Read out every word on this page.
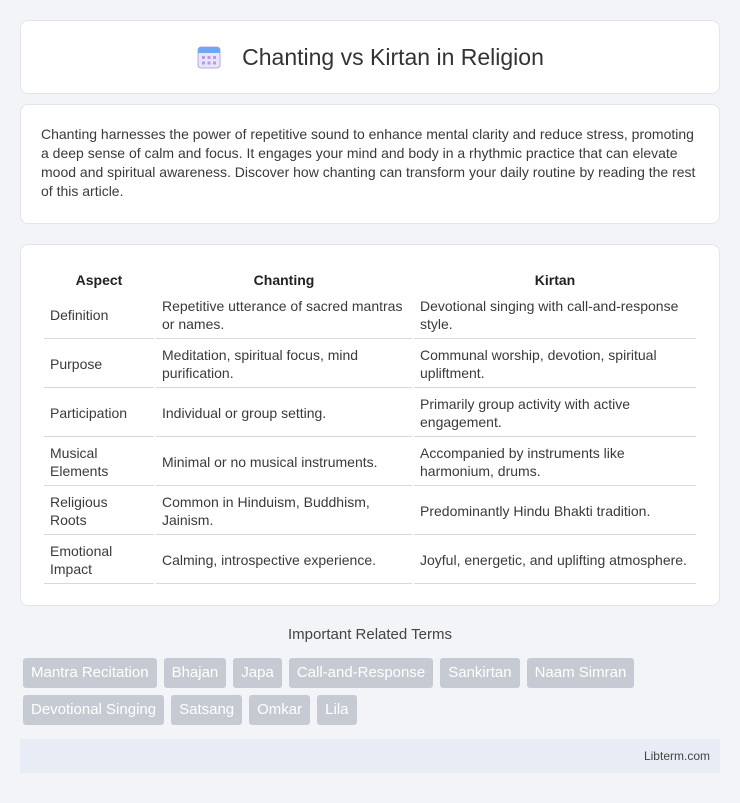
Chanting vs Kirtan in Religion

Chanting harnesses the power of repetitive sound to enhance mental clarity and reduce stress, promoting a deep sense of calm and focus. It engages your mind and body in a rhythmic practice that can elevate mood and spiritual awareness. Discover how chanting can transform your daily routine by reading the rest of this article.

Aspect	Chanting	Kirtan
Definition	Repetitive utterance of sacred mantras or names.	Devotional singing with call-and-response style.
Purpose	Meditation, spiritual focus, mind purification.	Communal worship, devotion, spiritual upliftment.
Participation	Individual or group setting.	Primarily group activity with active engagement.
Musical Elements	Minimal or no musical instruments.	Accompanied by instruments like harmonium, drums.
Religious Roots	Common in Hinduism, Buddhism, Jainism.	Predominantly Hindu Bhakti tradition.
Emotional Impact	Calming, introspective experience.	Joyful, energetic, and uplifting atmosphere.
Important Related Terms
Mantra Recitation	Bhajan	Japa	Call-and-Response	Sankirtan	Naam Simran
Devotional Singing	Satsang	Omkar	Lila
Libterm.com
